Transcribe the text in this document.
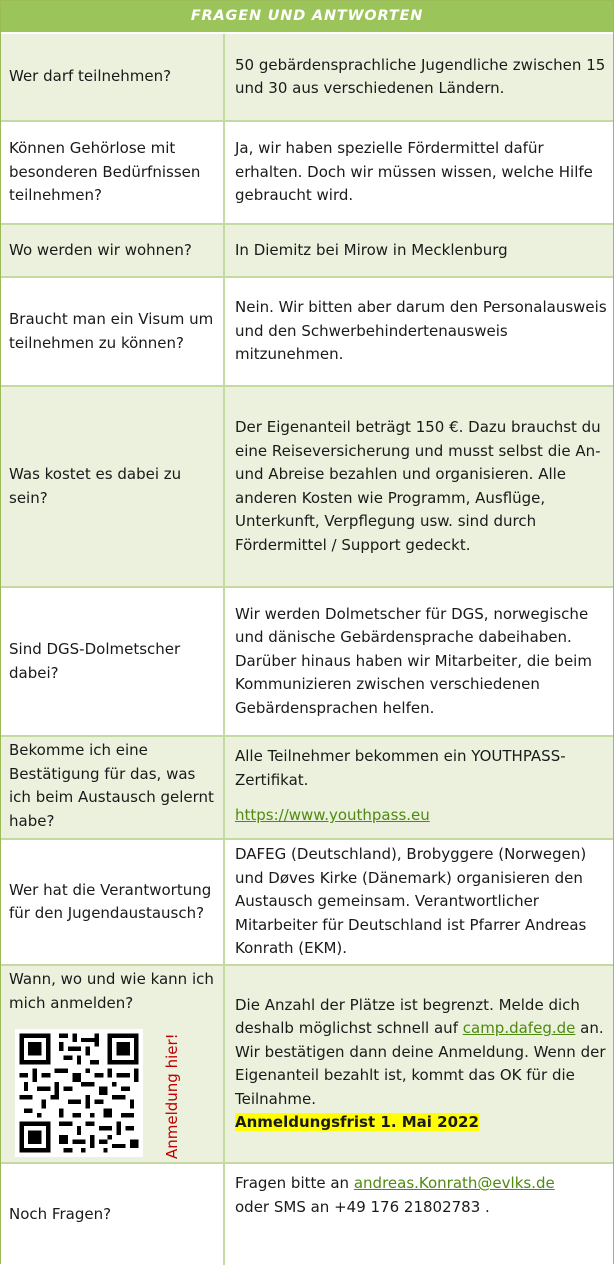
FRAGEN UND ANTWORTEN
Wer darf teilnehmen?

50 gebärdensprachliche Jugendliche zwischen 15 und 30 aus verschiedenen Ländern.

Können Gehörlose mit besonderen Bedürfnissen teilnehmen?

Ja, wir haben spezielle Fördermittel dafür erhalten. Doch wir müssen wissen, welche Hilfe gebraucht wird.

Wo werden wir wohnen?	In Diemitz bei Mirow in Mecklenburg

Braucht man ein Visum um teilnehmen zu können?

Nein. Wir bitten aber darum den Personalausweis und den Schwerbehindertenausweis mitzunehmen.

Was kostet es dabei zu sein?

Der Eigenanteil beträgt 150 €. Dazu brauchst du eine Reiseversicherung und musst selbst die An- und Abreise bezahlen und organisieren. Alle anderen Kosten wie Programm, Ausflüge, Unterkunft, Verpflegung usw. sind durch Fördermittel / Support gedeckt.

Sind DGS-Dolmetscher dabei?

Wir werden Dolmetscher für DGS, norwegische und dänische Gebärdensprache dabeihaben. Darüber hinaus haben wir Mitarbeiter, die beim Kommunizieren zwischen verschiedenen Gebärdensprachen helfen.

Bekomme ich eine Bestätigung für das, was ich beim Austausch gelernt habe?

Alle Teilnehmer bekommen ein YOUTHPASS-Zertifikat.

https://www.youthpass.eu

Wer hat die Verantwortung für den Jugendaustausch?

DAFEG (Deutschland), Brobyggere (Norwegen) und Døves Kirke (Dänemark) organisieren den Austausch gemeinsam. Verantwortlicher Mitarbeiter für Deutschland ist Pfarrer Andreas Konrath (EKM).

Wann, wo und wie kann ich mich anmelden?
Anmeldung hier!

Die Anzahl der Plätze ist begrenzt. Melde dich deshalb möglichst schnell auf camp.dafeg.de an. Wir bestätigen dann deine Anmeldung. Wenn der Eigenanteil bezahlt ist, kommt das OK für die Teilnahme.

Anmeldungsfrist 1. Mai 2022

Noch Fragen?

Fragen bitte an andreas.Konrath@evlks.de

oder SMS an +49 176 21802783 .
